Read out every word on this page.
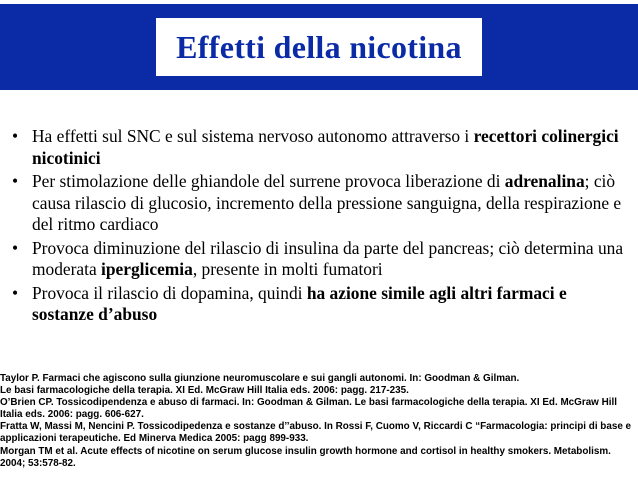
Effetti della nicotina
• Ha effetti sul SNC e sul sistema nervoso autonomo attraverso i recettori colinergici nicotinici
• Per stimolazione delle ghiandole del surrene provoca liberazione di adrenalina; ciò causa rilascio di glucosio, incremento della pressione sanguigna, della respirazione e del ritmo cardiaco
• Provoca diminuzione del rilascio di insulina da parte del pancreas; ciò determina una moderata iperglicemia, presente in molti fumatori
• Provoca il rilascio di dopamina, quindi ha azione simile agli altri farmaci e sostanze d’abuso
Taylor P. Farmaci che agiscono sulla giunzione neuromuscolare e sui gangli autonomi. In: Goodman & Gilman.
Le basi farmacologiche della terapia. XI Ed. McGraw Hill Italia eds. 2006: pagg. 217-235.
O’Brien CP. Tossicodipendenza e abuso di farmaci. In: Goodman & Gilman. Le basi farmacologiche della terapia. XI Ed. McGraw Hill Italia eds. 2006: pagg. 606-627.
Fratta W, Massi M, Nencini P. Tossicodipedenza e sostanze d’’abuso. In Rossi F, Cuomo V, Riccardi C “Farmacologia: principi di base e applicazioni terapeutiche. Ed Minerva Medica 2005: pagg 899-933.
Morgan TM et al. Acute effects of nicotine on serum glucose insulin growth hormone and cortisol in healthy smokers. Metabolism. 2004; 53:578-82.
